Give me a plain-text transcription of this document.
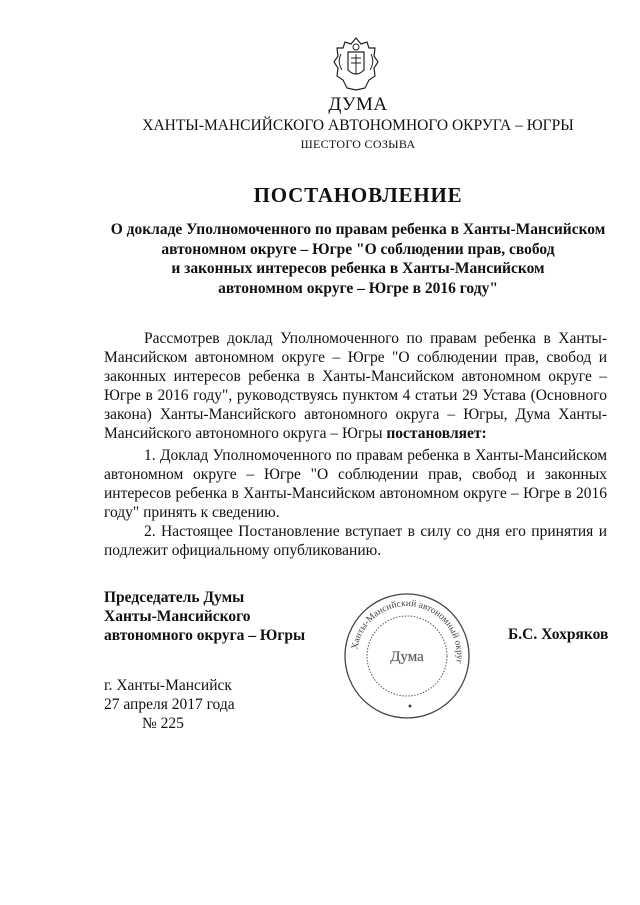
ДУМА
ХАНТЫ-МАНСИЙСКОГО АВТОНОМНОГО ОКРУГА – ЮГРЫ
ШЕСТОГО СОЗЫВА
ПОСТАНОВЛЕНИЕ
О докладе Уполномоченного по правам ребенка в Ханты-Мансийском
автономном округе – Югре "О соблюдении прав, свобод
и законных интересов ребенка в Ханты-Мансийском
автономном округе – Югре в 2016 году"
Рассмотрев доклад Уполномоченного по правам ребенка в Ханты-Мансийском автономном округе – Югре "О соблюдении прав, свобод и законных интересов ребенка в Ханты-Мансийском автономном округе – Югре в 2016 году", руководствуясь пунктом 4 статьи 29 Устава (Основного закона) Ханты-Мансийского автономного округа – Югры, Дума Ханты-Мансийского автономного округа – Югры постановляет:
1. Доклад Уполномоченного по правам ребенка в Ханты-Мансийском автономном округе – Югре "О соблюдении прав, свобод и законных интересов ребенка в Ханты-Мансийском автономном округе – Югре в 2016 году" принять к сведению.
2. Настоящее Постановление вступает в силу со дня его принятия и подлежит официальному опубликованию.
Председатель Думы
Ханты-Мансийского
автономного округа – Югры
Ханты-Мансийский автономный округ
Дума
Б.С. Хохряков
г. Ханты-Мансийск
27 апреля 2017 года
№ 225
